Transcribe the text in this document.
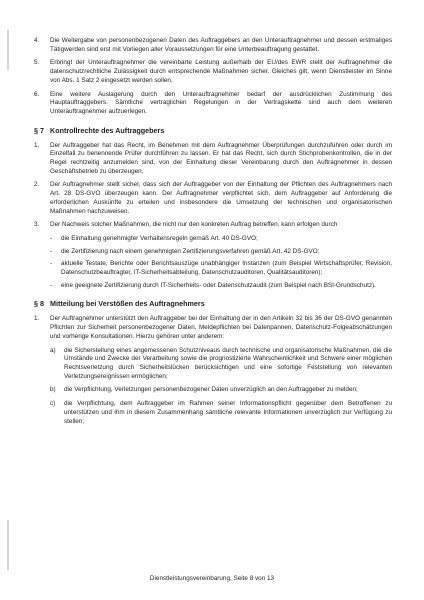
4.	Die Weitergabe von personenbezogenen Daten des Auftraggebers an den Unterauftragnehmer und dessen erstmaliges Tätigwerden sind erst mit Vorliegen aller Voraussetzungen für eine Unterbeauftragung gestattet.
5.	Erbringt der Unterauftragnehmer die vereinbarte Leistung außerhalb der EU/des EWR stellt der Auftragnehmer die datenschutzrechtliche Zulässigkeit durch entsprechende Maßnahmen sicher. Gleiches gilt, wenn Dienstleister im Sinne von Abs. 1 Satz 2 eingesetzt werden sollen.
6.	Eine weitere Auslagerung durch den Unterauftragnehmer bedarf der ausdrücklichen Zustimmung des Hauptauftraggebers. Sämtliche vertraglichen Regelungen in der Vertragskette sind auch dem weiteren Unterauftragnehmer aufzuerlegen.
§ 7 Kontrollrechte des Auftraggebers
1.	Der Auftraggeber hat das Recht, im Benehmen mit dem Auftragnehmer Überprüfungen durchzuführen oder durch im Einzelfall zu benennende Prüfer durchführen zu lassen. Er hat das Recht, sich durch Stichprobenkontrollen, die in der Regel rechtzeitig anzumelden sind, von der Einhaltung dieser Vereinbarung durch den Auftragnehmer in dessen Geschäftsbetrieb zu überzeugen.
2.	Der Auftragnehmer stellt sicher, dass sich der Auftraggeber von der Einhaltung der Pflichten des Auftragnehmers nach Art. 28 DS-GVO überzeugen kann. Der Auftragnehmer verpflichtet sich, dem Auftraggeber auf Anforderung die erforderlichen Auskünfte zu erteilen und insbesondere die Umsetzung der technischen und organisatorischen Maßnahmen nachzuweisen.
3.	Der Nachweis solcher Maßnahmen, die nicht nur den konkreten Auftrag betreffen, kann erfolgen durch
-	die Einhaltung genehmigter Verhaltensregeln gemäß Art. 40 DS-GVO;
-	die Zertifizierung nach einem genehmigten Zertifizierungsverfahren gemäß Art. 42 DS-GVO;
-	aktuelle Testate, Berichte oder Berichtsauszüge unabhängiger Instanzen (zum Beispiel Wirtschaftsprüfer, Revision, Datenschutzbeauftragter, IT-Sicherheitsabteilung, Datenschutzauditoren, Qualitätsauditoren);
-	eine geeignete Zertifizierung durch IT-Sicherheits- oder Datenschutzaudit (zum Beispiel nach BSI-Grundschutz).
§ 8 Mitteilung bei Verstößen des Auftragnehmers
1.	Der Auftragnehmer unterstützt den Auftraggeber bei der Einhaltung der in den Artikeln 32 bis 36 der DS-GVO genannten Pflichten zur Sicherheit personenbezogener Daten, Meldepflichten bei Datenpannen, Datenschutz-Folgeabschätzungen und vorherige Konsultationen. Hierzu gehören unter anderem:
a)	die Sicherstellung eines angemessenen Schutzniveaus durch technische und organisatorische Maßnahmen, die die Umstände und Zwecke der Verarbeitung sowie die prognostizierte Wahrscheinlichkeit und Schwere einer möglichen Rechtsverletzung durch Sicherheitslücken berücksichtigen und eine sofortige Feststellung von relevanten Verletzungsereignissen ermöglichen;
b)	die Verpflichtung, Verletzungen personenbezogener Daten unverzüglich an den Auftraggeber zu melden;
c)	die Verpflichtung, dem Auftraggeber im Rahmen seiner Informationspflicht gegenüber dem Betroffenen zu unterstützen und ihm in diesem Zusammenhang sämtliche relevante Informationen unverzüglich zur Verfügung zu stellen;
Dienstleistungsvereinbarung, Seite 8 von 13
